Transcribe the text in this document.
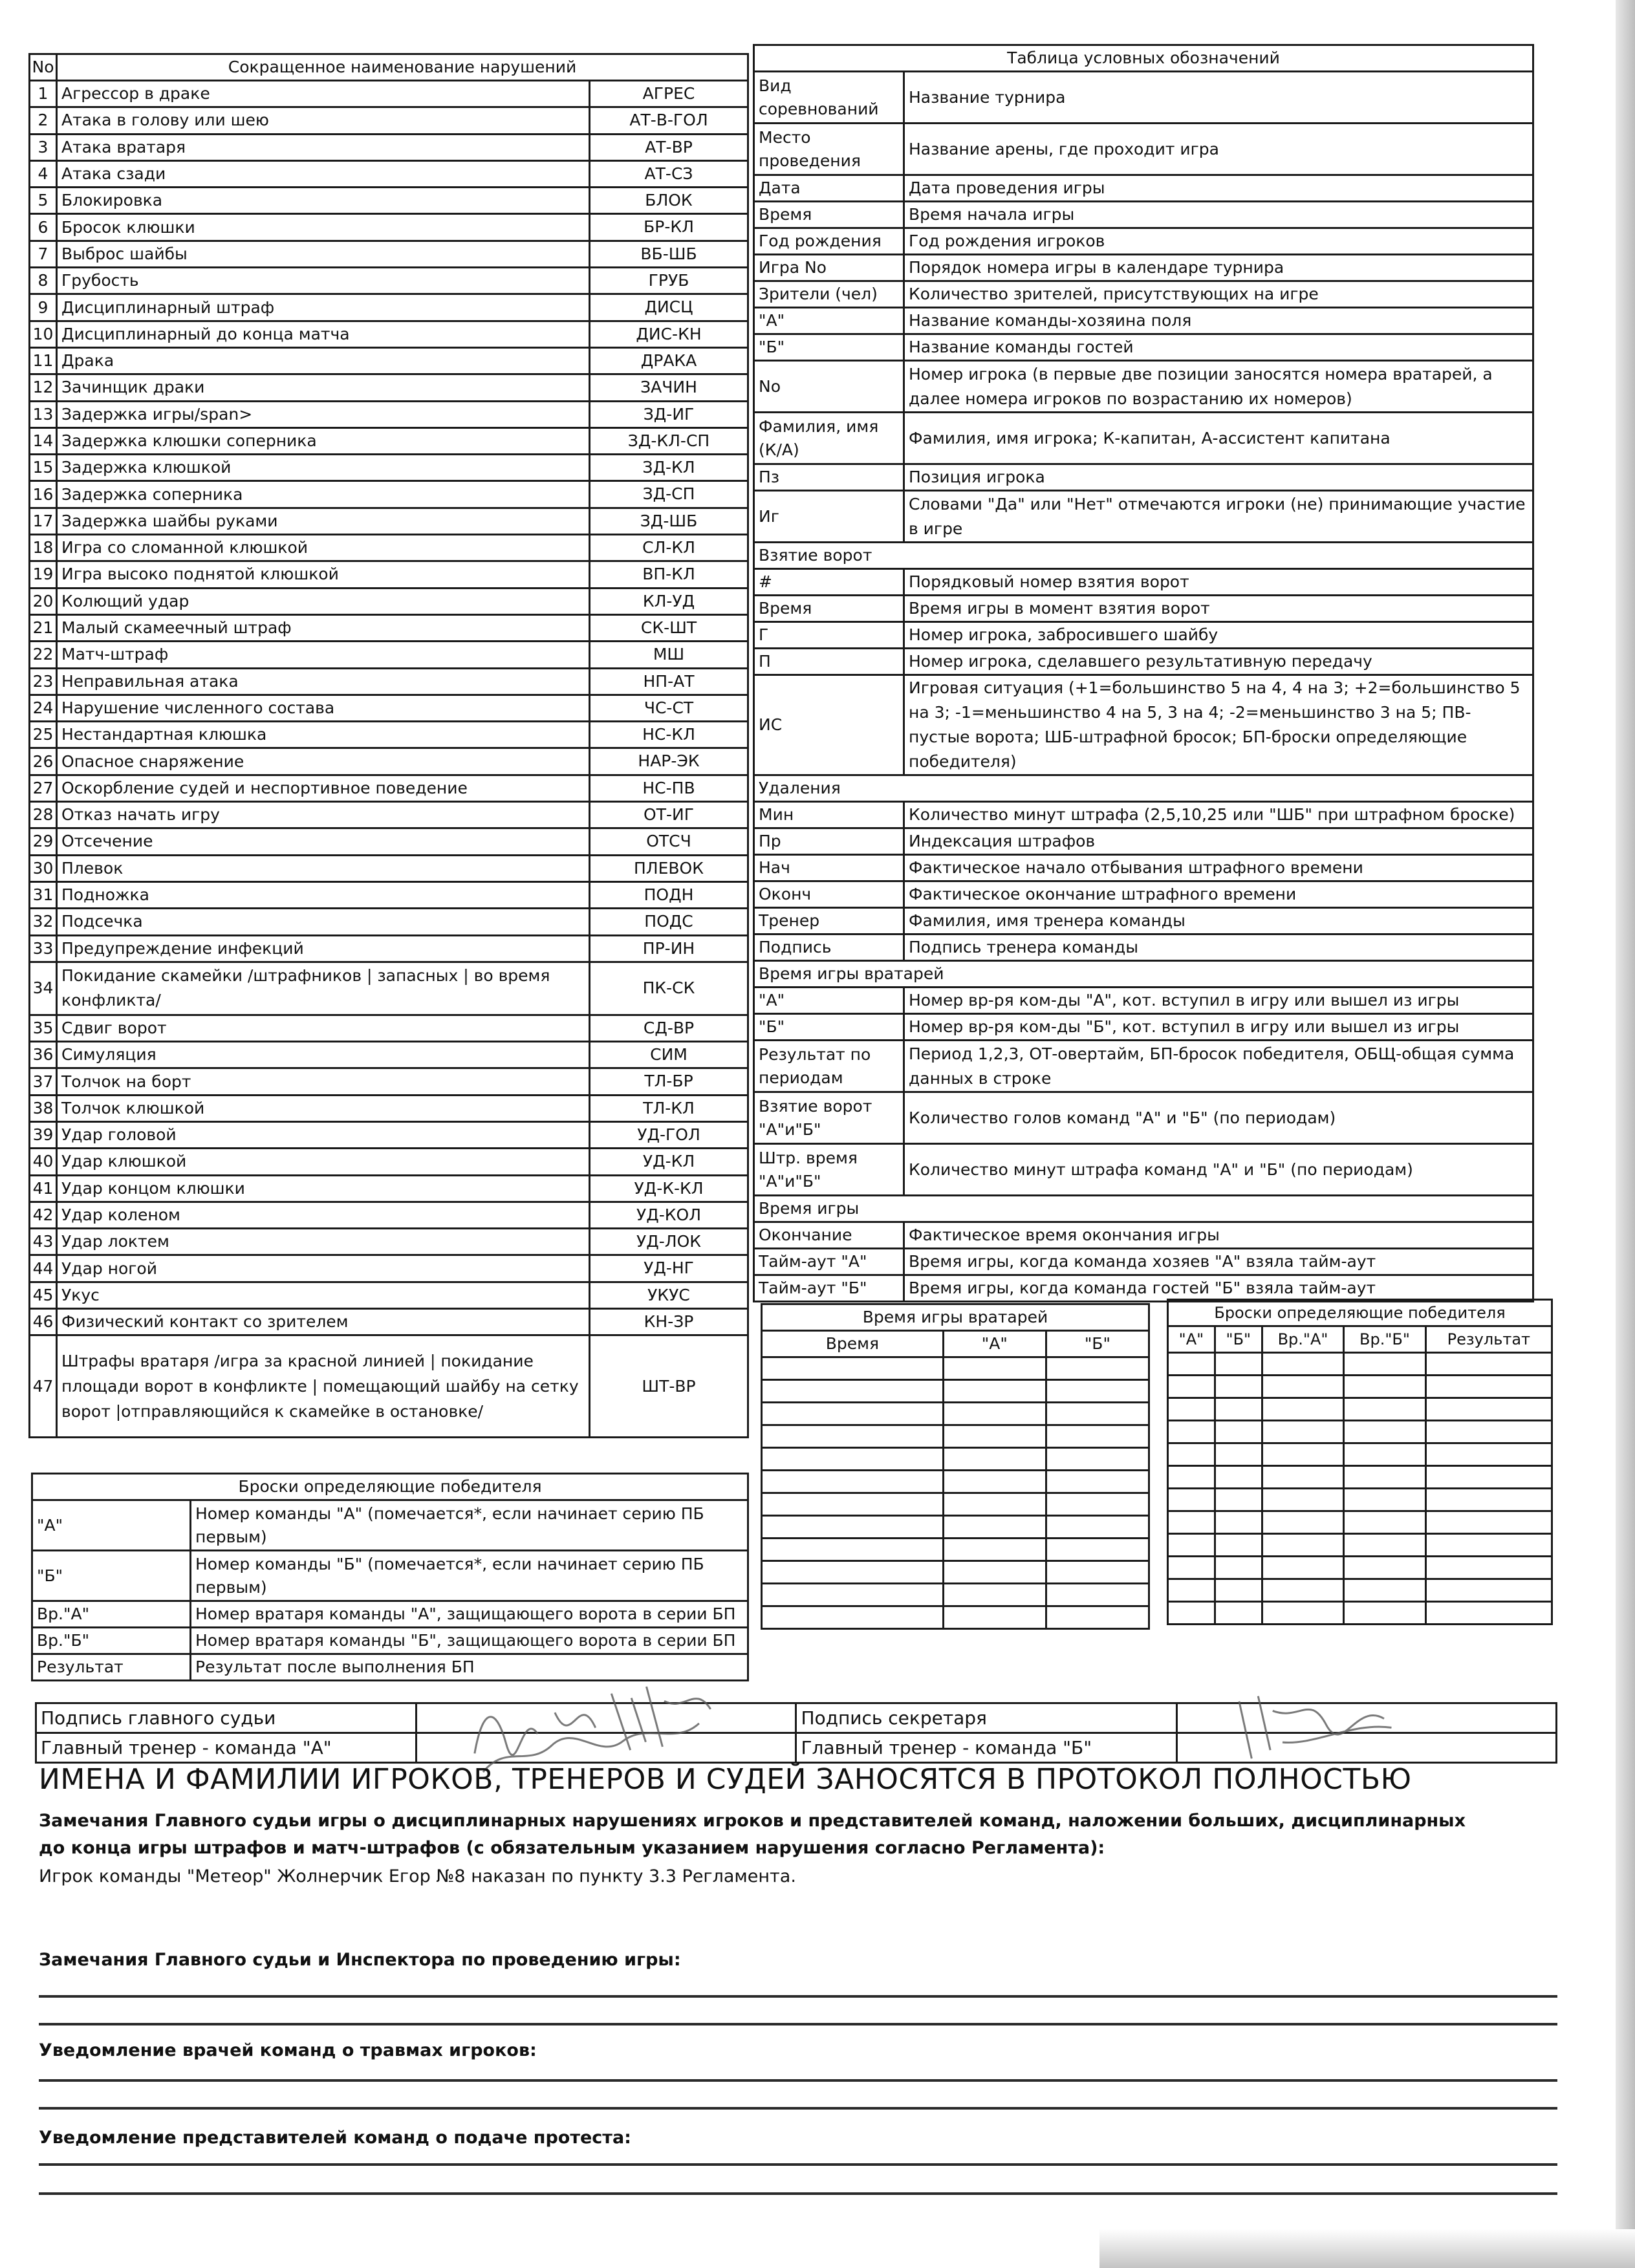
No	Сокращенное наименование нарушений	
1	Агрессор в драке	АГРЕС
2	Атака в голову или шею	АТ-В-ГОЛ
3	Атака вратаря	АТ-ВР
4	Атака сзади	АТ-СЗ
5	Блокировка	БЛОК
6	Бросок клюшки	БР-КЛ
7	Выброс шайбы	ВБ-ШБ
8	Грубость	ГРУБ
9	Дисциплинарный штраф	ДИСЦ
10	Дисциплинарный до конца матча	ДИС-КН
11	Драка	ДРАКА
12	Зачинщик драки	ЗАЧИН
13	Задержка игры/span>	ЗД-ИГ
14	Задержка клюшки соперника	ЗД-КЛ-СП
15	Задержка клюшкой	ЗД-КЛ
16	Задержка соперника	ЗД-СП
17	Задержка шайбы руками	ЗД-ШБ
18	Игра со сломанной клюшкой	СЛ-КЛ
19	Игра высоко поднятой клюшкой	ВП-КЛ
20	Колющий удар	КЛ-УД
21	Малый скамеечный штраф	СК-ШТ
22	Матч-штраф	МШ
23	Неправильная атака	НП-АТ
24	Нарушение численного состава	ЧС-СТ
25	Нестандартная клюшка	НС-КЛ
26	Опасное снаряжение	НАР-ЭК
27	Оскорбление судей и неспортивное поведение	НС-ПВ
28	Отказ начать игру	ОТ-ИГ
29	Отсечение	ОТСЧ
30	Плевок	ПЛЕВОК
31	Подножка	ПОДН
32	Подсечка	ПОДС
33	Предупреждение инфекций	ПР-ИН
34	Покидание скамейки /штрафников | запасных | во время конфликта/	ПК-СК
35	Сдвиг ворот	СД-ВР
36	Симуляция	СИМ
37	Толчок на борт	ТЛ-БР
38	Толчок клюшкой	ТЛ-КЛ
39	Удар головой	УД-ГОЛ
40	Удар клюшкой	УД-КЛ
41	Удар концом клюшки	УД-К-КЛ
42	Удар коленом	УД-КОЛ
43	Удар локтем	УД-ЛОК
44	Удар ногой	УД-НГ
45	Укус	УКУС
46	Физический контакт со зрителем	КН-ЗР
47	Штрафы вратаря /игра за красной линией | покидание площади ворот в конфликте | помещающий шайбу на сетку ворот |отправляющийся к скамейке в остановке/	ШТ-ВР
Таблица условных обозначений	
Вид соревнований	Название турнира
Место проведения	Название арены, где проходит игра
Дата	Дата проведения игры
Время	Время начала игры
Год рождения	Год рождения игроков
Игра No	Порядок номера игры в календаре турнира
Зрители (чел)	Количество зрителей, присутствующих на игре
"А"	Название команды-хозяина поля
"Б"	Название команды гостей
No	Номер игрока (в первые две позиции заносятся номера вратарей, а далее номера игроков по возрастанию их номеров)
Фамилия, имя (К/А)	Фамилия, имя игрока; К-капитан, А-ассистент капитана
Пз	Позиция игрока
Иг	Словами "Да" или "Нет" отмечаются игроки (не) принимающие участие в игре
Взятие ворот	
#	Порядковый номер взятия ворот
Время	Время игры в момент взятия ворот
Г	Номер игрока, забросившего шайбу
П	Номер игрока, сделавшего результативную передачу
ИС	Игровая ситуация (+1=большинство 5 на 4, 4 на 3; +2=большинство 5 на 3; -1=меньшинство 4 на 5, 3 на 4; -2=меньшинство 3 на 5; ПВ- пустые ворота; ШБ-штрафной бросок; БП-броски определяющие победителя)
Удаления	
Мин	Количество минут штрафа (2,5,10,25 или "ШБ" при штрафном броске)
Пр	Индексация штрафов
Нач	Фактическое начало отбывания штрафного времени
Оконч	Фактическое окончание штрафного времени
Тренер	Фамилия, имя тренера команды
Подпись	Подпись тренера команды
Время игры вратарей	
"А"	Номер вр-ря ком-ды "А", кот. вступил в игру или вышел из игры
"Б"	Номер вр-ря ком-ды "Б", кот. вступил в игру или вышел из игры
Результат по периодам	Период 1,2,3, ОТ-овертайм, БП-бросок победителя, ОБЩ-общая сумма данных в строке
Взятие ворот "А"и"Б"	Количество голов команд "А" и "Б" (по периодам)
Штр. время "А"и"Б"	Количество минут штрафа команд "А" и "Б" (по периодам)
Время игры	
Окончание	Фактическое время окончания игры
Тайм-аут "А"	Время игры, когда команда хозяев "А" взяла тайм-аут
Тайм-аут "Б"	Время игры, когда команда гостей "Б" взяла тайм-аут
Время игры вратарей		
Время	"А"	"Б"

Броски определяющие победителя				
"А"	"Б"	Вр."А"	Вр."Б"	Результат

Броски определяющие победителя	
"А"	Номер команды "А" (помечается*, если начинает серию ПБ первым)
"Б"	Номер команды "Б" (помечается*, если начинает серию ПБ первым)
Вр."А"	Номер вратаря команды "А", защищающего ворота в серии БП
Вр."Б"	Номер вратаря команды "Б", защищающего ворота в серии БП
Результат	Результат после выполнения БП
Подпись главного судьи		Подпись секретаря	
Главный тренер - команда "А"		Главный тренер - команда "Б"	
ИМЕНА И ФАМИЛИИ ИГРОКОВ, ТРЕНЕРОВ И СУДЕЙ ЗАНОСЯТСЯ В ПРОТОКОЛ ПОЛНОСТЬЮ
Замечания Главного судьи игры о дисциплинарных нарушениях игроков и представителей команд, наложении больших, дисциплинарных
до конца игры штрафов и матч-штрафов (с обязательным указанием нарушения согласно Регламента):
Игрок команды "Метеор" Жолнерчик Егор №8 наказан по пункту 3.3 Регламента.
Замечания Главного судьи и Инспектора по проведению игры:
Уведомление врачей команд о травмах игроков:
Уведомление представителей команд о подаче протеста:
